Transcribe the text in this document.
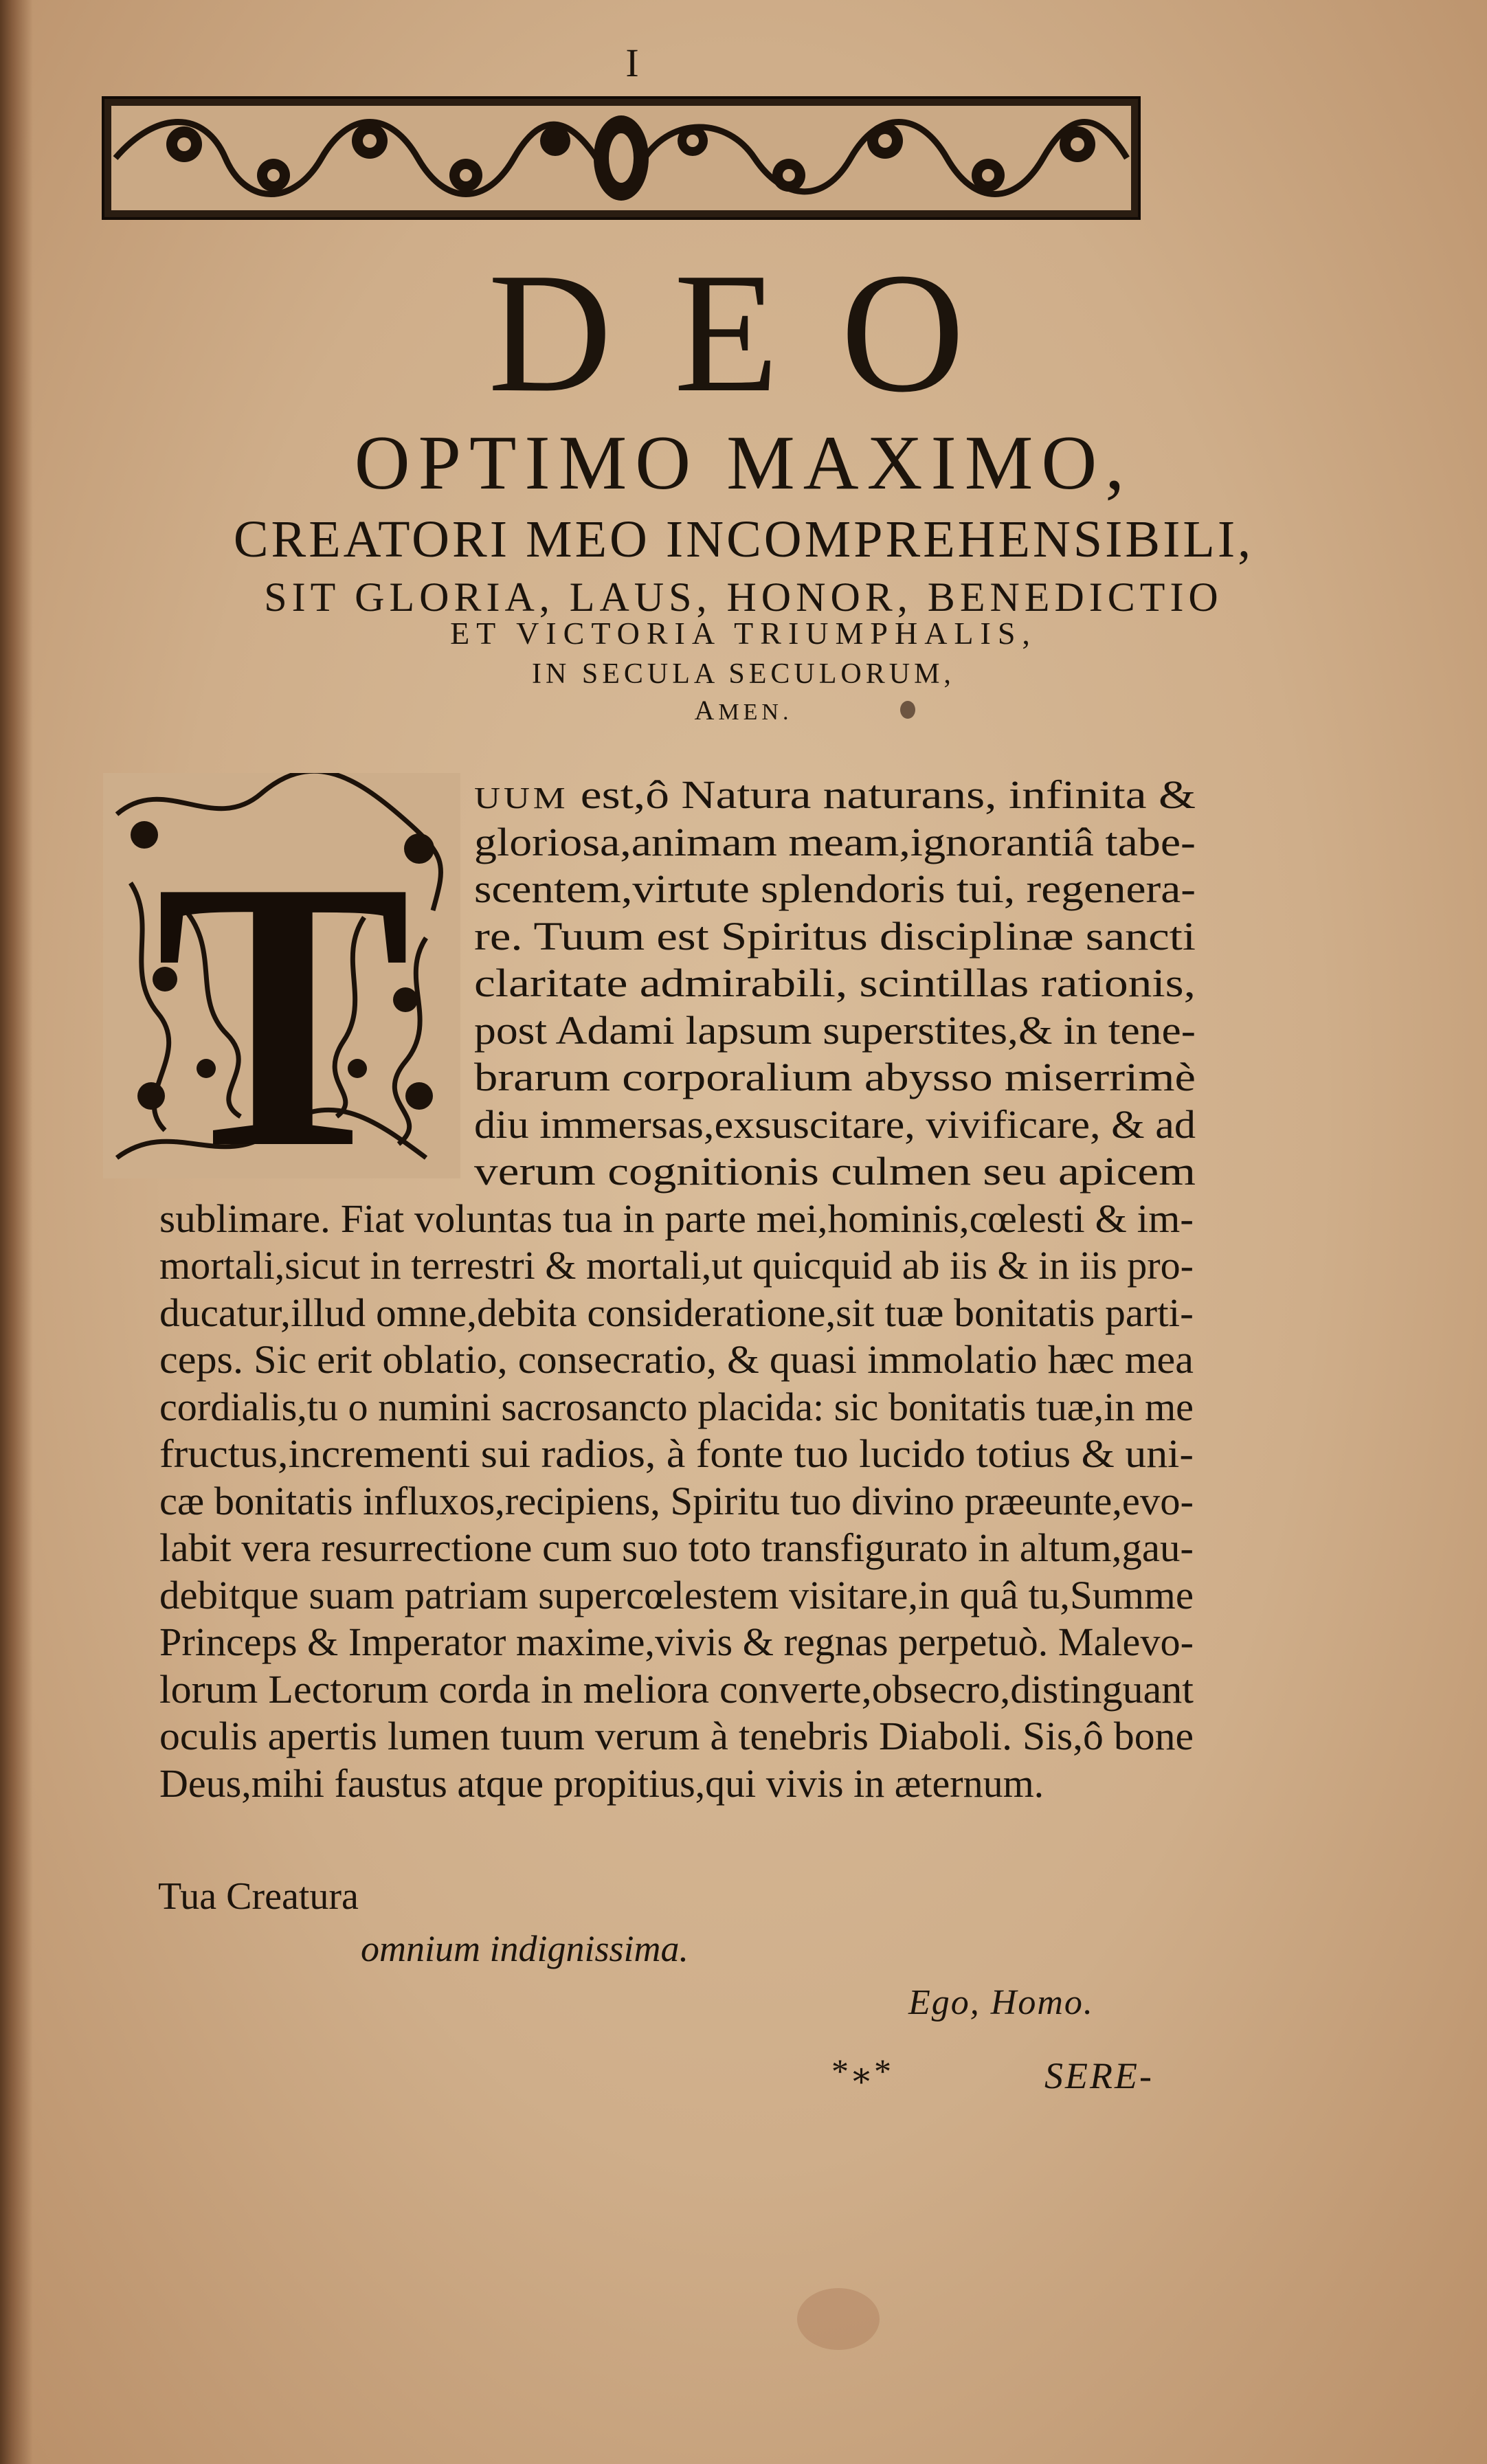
I
DEO
OPTIMO MAXIMO,
CREATORI MEO INCOMPREHENSIBILI,
SIT GLORIA, LAUS, HONOR, BENEDICTIO
ET VICTORIA TRIUMPHALIS,
IN SECULA SECULORUM,
AMEN.
T
UUM est,ô Natura naturans, infinita &
gloriosa,animam meam,ignorantiâ tabe-
scentem,virtute splendoris tui, regenera-
re. Tuum est Spiritus disciplinæ sancti
claritate admirabili, scintillas rationis,
post Adami lapsum superstites,& in tene-
brarum corporalium abysso miserrimè
diu immersas,exsuscitare, vivificare, & ad
verum cognitionis culmen seu apicem
sublimare. Fiat voluntas tua in parte mei,hominis,cœlesti & im-
mortali,sicut in terrestri & mortali,ut quicquid ab iis & in iis pro-
ducatur,illud omne,debita consideratione,sit tuæ bonitatis parti-
ceps. Sic erit oblatio, consecratio, & quasi immolatio hæc mea
cordialis,tu o numini sacrosancto placida: sic bonitatis tuæ,in me
fructus,incrementi sui radios, à fonte tuo lucido totius & uni-
cæ bonitatis influxos,recipiens, Spiritu tuo divino præeunte,evo-
labit vera resurrectione cum suo toto transfigurato in altum,gau-
debitque suam patriam supercœlestem visitare,in quâ tu,Summe
Princeps & Imperator maxime,vivis & regnas perpetuò. Malevo-
lorum Lectorum corda in meliora converte,obsecro,distinguant
oculis apertis lumen tuum verum à tenebris Diaboli. Sis,ô bone
Deus,mihi faustus atque propitius,qui vivis in æternum.
Tua Creatura
omnium indignissima.
Ego, Homo.
*⁎*	SERE-
